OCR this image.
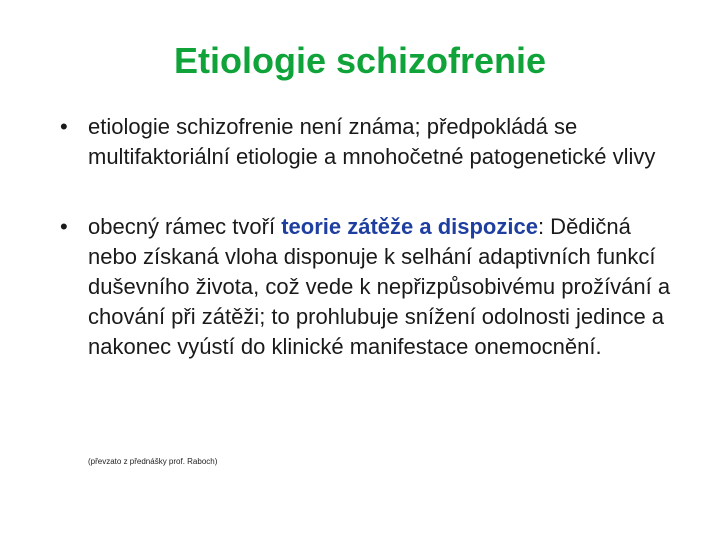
Etiologie schizofrenie
• etiologie schizofrenie není známa; předpokládá se multifaktoriální etiologie a mnohočetné patogenetické vlivy
• obecný rámec tvoří teorie zátěže a dispozice: Dědičná nebo získaná vloha disponuje k selhání adaptivních funkcí duševního života, což vede k nepřizpůsobivému prožívání a chování při zátěži; to prohlubuje snížení odolnosti jedince a nakonec vyústí do klinické manifestace onemocnění.
(převzato z přednášky prof. Raboch)
